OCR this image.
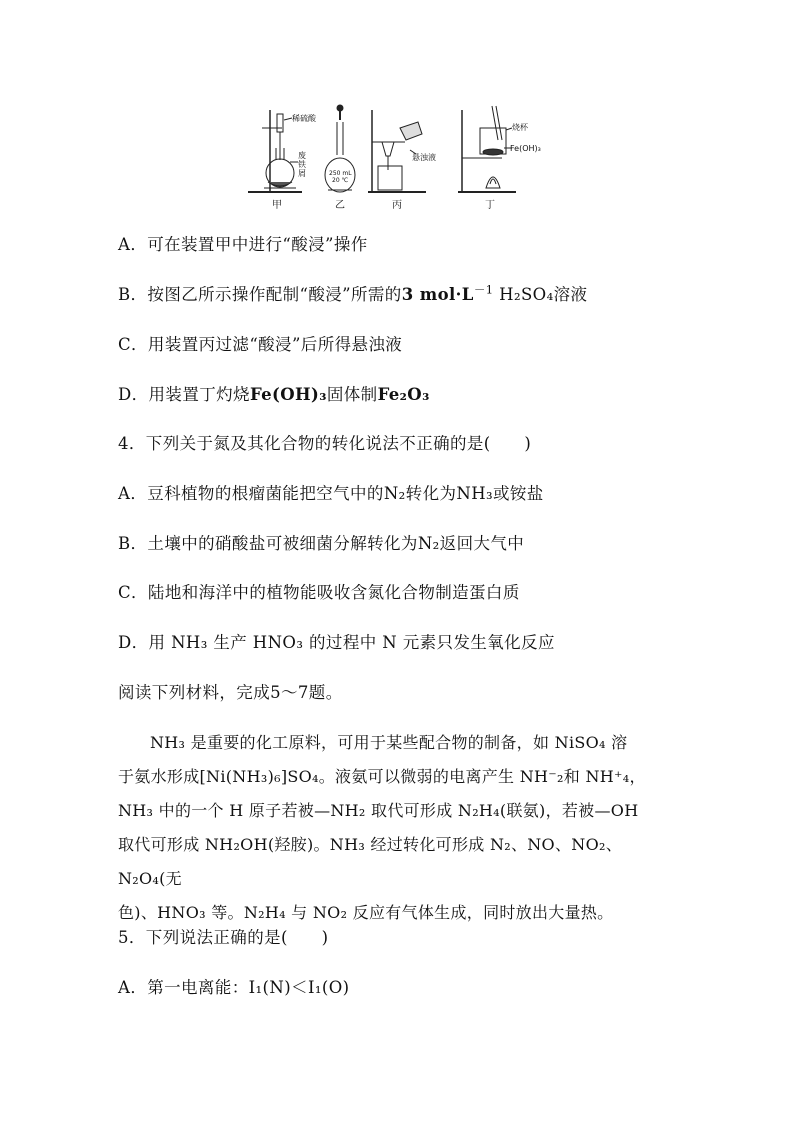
稀硫酸
废
铁
屑	250 mL
20 ℃
悬浊液
烧杯
Fe(OH)₃
甲	乙	丙	丁
A．可在装置甲中进行“酸浸”操作
B．按图乙所示操作配制“酸浸”所需的3 $mol\cdot L^{-1}$ H₂SO₄溶液
C．用装置丙过滤“酸浸”后所得悬浊液
D．用装置丁灼烧Fe(OH)₃固体制Fe₂O₃
4．下列关于氮及其化合物的转化说法不正确的是(　　)
A．豆科植物的根瘤菌能把空气中的N₂转化为NH₃或铵盐
B．土壤中的硝酸盐可被细菌分解转化为N₂返回大气中
C．陆地和海洋中的植物能吸收含氮化合物制造蛋白质
D．用 NH₃ 生产 HNO₃ 的过程中 N 元素只发生氧化反应
阅读下列材料，完成5～7题。
NH₃ 是重要的化工原料，可用于某些配合物的制备，如 NiSO₄ 溶
于氨水形成[Ni(NH₃)₆]SO₄。液氨可以微弱的电离产生 NH⁻₂和 NH⁺₄，
NH₃ 中的一个 H 原子若被—NH₂ 取代可形成 N₂H₄(联氨)，若被—OH
取代可形成 NH₂OH(羟胺)。NH₃ 经过转化可形成 N₂、NO、NO₂、N₂O₄(无
色)、HNO₃ 等。N₂H₄ 与 NO₂ 反应有气体生成，同时放出大量热。
5．下列说法正确的是(　　)
A．第一电离能：I₁(N)＜I₁(O)
